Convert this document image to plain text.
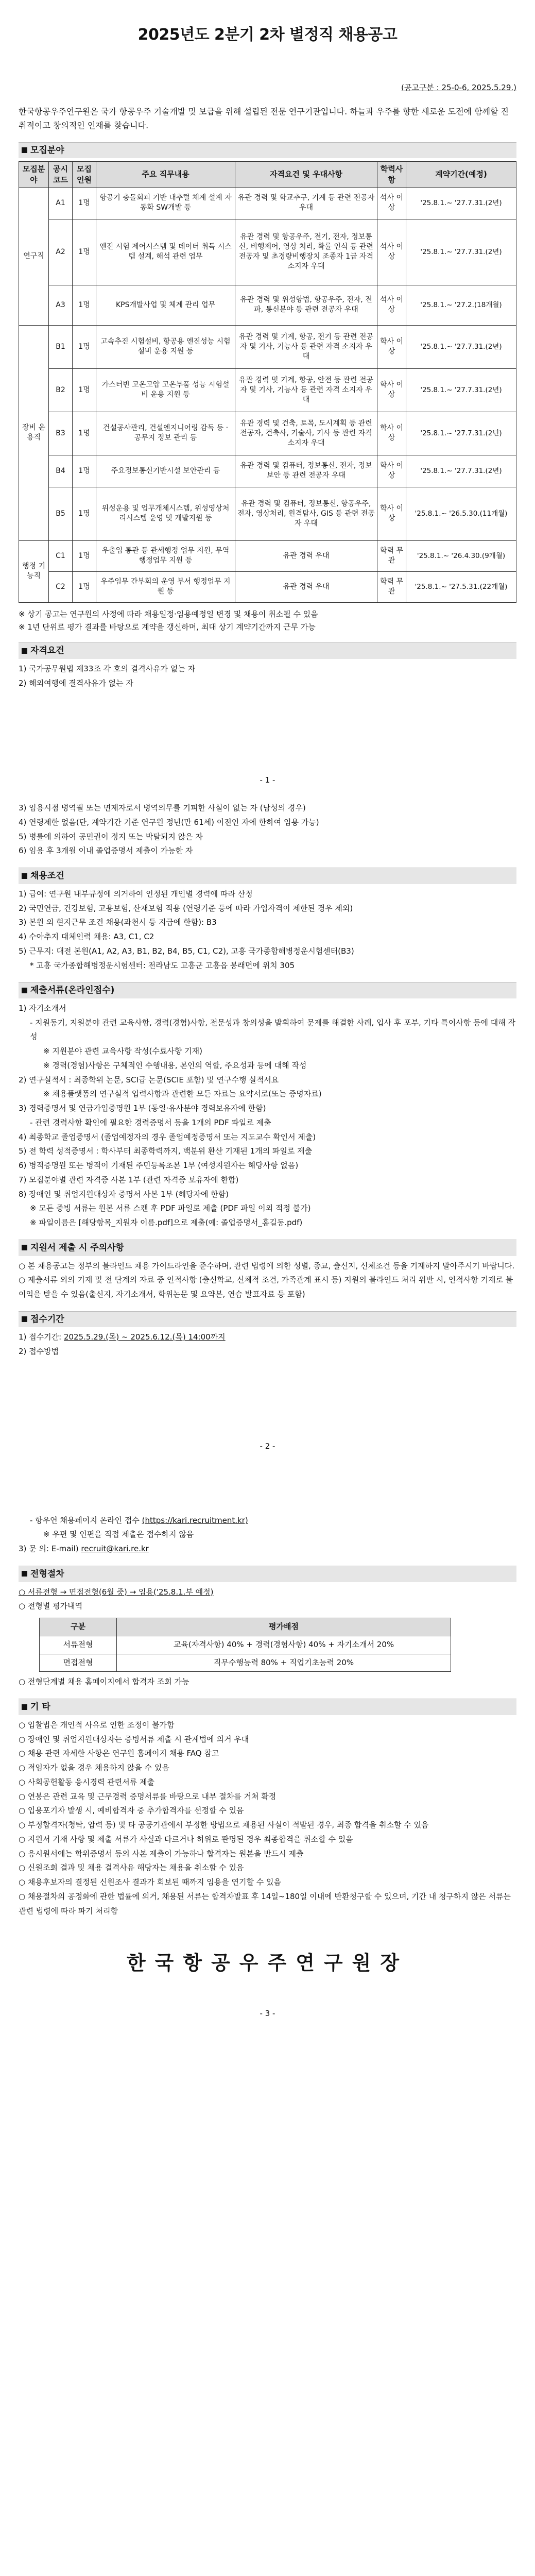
2025년도 2분기 2차 별정직 채용공고
(공고구분 : 25-0-6, 2025.5.29.)
한국항공우주연구원은 국가 항공우주 기술개발 및 보급을 위해 설립된 전문 연구기관입니다. 하늘과 우주를 향한 새로운 도전에 함께할 진취적이고 창의적인 인재를 찾습니다.
모집분야
모집분야	공시코드	모집인원	주요 직무내용	자격요건 및 우대사항	학력사항	계약기간(예정)
연구직	A1	1명	항공기 충돌회피 기반 내추럴 체계 설계 자동화 SW개발 등	유관 경력 및 학교추구, 기계 등 관련 전공자 우대	석사 이상	'25.8.1.~ '27.7.31.(2년)
	A2	1명	엔진 시험 제어시스템 및 데이터 취득 시스템 설계, 해석 관련 업무	유관 경력 및 항공우주, 전기, 전자, 정보통신, 비행제어, 영상 처리, 확률 인식 등 관련 전공자 및 초경량비행장치 조종자 1급 자격 소지자 우대	석사 이상	'25.8.1.~ '27.7.31.(2년)
	A3	1명	KPS개발사업 및 체계 관리 업무	유관 경력 및 위성항법, 항공우주, 전자, 전파, 통신분야 등 관련 전공자 우대	석사 이상	'25.8.1.~ '27.2.(18개월)
장비 운용직	B1	1명	고속추진 시험설비, 항공용 엔진성능 시험설비 운용 지원 등	유관 경력 및 기계, 항공, 전기 등 관련 전공자 및 기사, 기능사 등 관련 자격 소지자 우대	학사 이상	'25.8.1.~ '27.7.31.(2년)
	B2	1명	가스터빈 고온고압 고온부품 성능 시험설비 운용 지원 등	유관 경력 및 기계, 항공, 안전 등 관련 전공자 및 기사, 기능사 등 관련 자격 소지자 우대	학사 이상	'25.8.1.~ '27.7.31.(2년)
	B3	1명	건설공사관리, 건설엔지니어링 감독 등 ‧ 공무지 정보 관리 등	유관 경력 및 건축, 토목, 도시계획 등 관련 전공자, 건축사, 기술사, 기사 등 관련 자격 소지자 우대	학사 이상	'25.8.1.~ '27.7.31.(2년)
	B4	1명	주요정보통신기반시설 보안관리 등	유관 경력 및 컴퓨터, 정보통신, 전자, 정보보안 등 관련 전공자 우대	학사 이상	'25.8.1.~ '27.7.31.(2년)
	B5	1명	위성운용 및 업무개체시스템, 위성영상처리시스템 운영 및 개발지원 등	유관 경력 및 컴퓨터, 정보통신, 항공우주, 전자, 영상처리, 원격탐사, GIS 등 관련 전공자 우대	학사 이상	'25.8.1.~ '26.5.30.(11개월)
행정 기능직	C1	1명	우출입 통관 등 관세행정 업무 지원, 무역 행정업무 지원 등	유관 경력 우대	학력 무관	'25.8.1.~ '26.4.30.(9개월)
	C2	1명	우주임무 간부회의 운영 부서 행정업무 지원 등	유관 경력 우대	학력 무관	'25.8.1.~ '27.5.31.(22개월)
※ 상기 공고는 연구원의 사정에 따라 채용일정‧임용예정일 변경 및 채용이 취소될 수 있음
※ 1년 단위로 평가 결과를 바탕으로 계약을 갱신하며, 최대 상기 계약기간까지 근무 가능
자격요건
1) 국가공무원법 제33조 각 호의 결격사유가 없는 자
2) 해외여행에 결격사유가 없는 자
- 1 -
3) 임용시점 병역필 또는 면제자로서 병역의무를 기피한 사실이 없는 자 (남성의 경우)
4) 연령제한 없음(단, 계약기간 기준 연구원 정년(만 61세) 이전인 자에 한하여 임용 가능)
5) 병률에 의하여 공민권이 정지 또는 박탈되지 않은 자
6) 임용 후 3개월 이내 졸업증명서 제출이 가능한 자
채용조건
1) 급여: 연구원 내부규정에 의거하여 인정된 개인별 경력에 따라 산정
2) 국민연금, 건강보험, 고용보험, 산재보험 적용 (연령기준 등에 따라 가입자격이 제한된 경우 제외)
3) 본원 외 현지근무 조건 채용(과천시 등 지급에 한함): B3
4) 수아추지 대체인력 채용: A3, C1, C2
5) 근무지: 대전 본원(A1, A2, A3, B1, B2, B4, B5, C1, C2), 고흥 국가종합해병정운시험센터(B3)
* 고흥 국가종합해병정운시험센터: 전라남도 고흥군 고흥읍 봉래면에 위치 305
제출서류(온라인접수)
1) 자기소개서
- 지원동기, 지원분야 관련 교육사항, 경력(경험)사항, 전문성과 창의성을 발휘하여 문제를 해결한 사례, 입사 후 포부, 기타 특이사항 등에 대해 작성
※ 지원분야 관련 교육사항 작성(수료사항 기재)
※ 경력(경험)사항은 구체적인 수행내용, 본인의 역할, 주요성과 등에 대해 작성
2) 연구실적서 : 최종학위 논문, SCI급 논문(SCIE 포함) 및 연구수행 실적서요
※ 채용플랫폼의 연구실적 입력사항과 관련한 모든 자료는 요약서로(또는 증명자료)
3) 경력증명서 및 연금가입증명원 1부 (동일‧유사분야 경력보유자에 한함)
- 관련 경력사항 확인에 필요한 경력증명서 등을 1개의 PDF 파일로 제출
4) 최종학교 졸업증명서 (졸업예정자의 경우 졸업예정증명서 또는 지도교수 확인서 제출)
5) 전 학력 성적증명서 : 학사부터 최종학력까지, 백분위 환산 기재된 1개의 파일로 제출
6) 병적증명원 또는 병적이 기재된 주민등록초본 1부 (여성지원자는 해당사항 없음)
7) 모집분야별 관련 자격증 사본 1부 (관련 자격증 보유자에 한함)
8) 장애인 및 취업지원대상자 증명서 사본 1부 (해당자에 한함)
※ 모든 증빙 서류는 원본 서류 스캔 후 PDF 파일로 제출 (PDF 파일 이외 적정 불가)
※ 파일이름은 [해당항목_지원자 이름.pdf]으로 제출(예: 졸업증명서_홍길동.pdf)
지원서 제출 시 주의사항
○ 본 채용공고는 정부의 블라인드 채용 가이드라인을 준수하며, 관련 법령에 의한 성별, 종교, 출신지, 신체조건 등을 기재하지 말아주시기 바랍니다.
○ 제출서류 외의 기재 및 전 단계의 자료 중 인적사항 (출신학교, 신체적 조건, 가족관계 표시 등) 지원의 블라인드 처리 위반 시, 인적사항 기재로 불이익을 받을 수 있음(출신지, 자기소개서, 학위논문 및 요약본, 연습 발표자료 등 포함)
접수기간
1) 접수기간: 2025.5.29.(목) ~ 2025.6.12.(목) 14:00까지
2) 접수방법
- 2 -
- 항우연 채용페이지 온라인 접수 (https://kari.recruitment.kr)
※ 우편 및 인편을 직접 제출은 접수하지 않음
3) 문 의: E-mail) recruit@kari.re.kr
전형절차
○ 서류전형 → 면접전형(6월 중) → 임용('25.8.1.부 예정)
○ 전형별 평가내역
구분	평가배점
서류전형	교육(자격사항) 40% + 경력(경험사항) 40% + 자기소개서 20%
면접전형	직무수행능력 80% + 직업기초능력 20%
○ 전형단계별 채용 홈페이지에서 합격자 조회 가능
기 타
○ 입찰법은 개인적 사유로 인한 조정이 불가함
○ 장애인 및 취업지원대상자는 증빙서류 제출 시 관계법에 의거 우대
○ 채용 관련 자세한 사항은 연구원 홈페이지 채용 FAQ 참고
○ 적임자가 없을 경우 채용하지 않을 수 있음
○ 사회공헌활동 응시경력 관련서류 제출
○ 연봉은 관련 교육 및 근무경력 증명서류를 바탕으로 내부 절차를 거쳐 확정
○ 입용포기자 발생 시, 예비합격자 중 추가합격자를 선정할 수 있음
○ 부정합격자(청탁, 압력 등) 및 타 공공기관에서 부정한 방법으로 채용된 사실이 적발된 경우, 최종 합격을 취소할 수 있음
○ 지원서 기재 사항 및 제출 서류가 사실과 다르거나 허위로 판명된 경우 최종합격을 취소할 수 있음
○ 응시원서에는 학위증명서 등의 사본 제출이 가능하나 합격자는 원본을 반드시 제출
○ 신원조회 결과 및 채용 결격사유 해당자는 채용을 취소할 수 있음
○ 채용후보자의 결정된 신원조사 결과가 회보된 때까지 임용을 연기할 수 있음
○ 채용절차의 공정화에 관한 법률에 의거, 채용된 서류는 합격자발표 후 14일~180일 이내에 반환청구할 수 있으며, 기간 내 청구하지 않은 서류는 관련 법령에 따라 파기 처리함
한국항공우주연구원장
- 3 -
